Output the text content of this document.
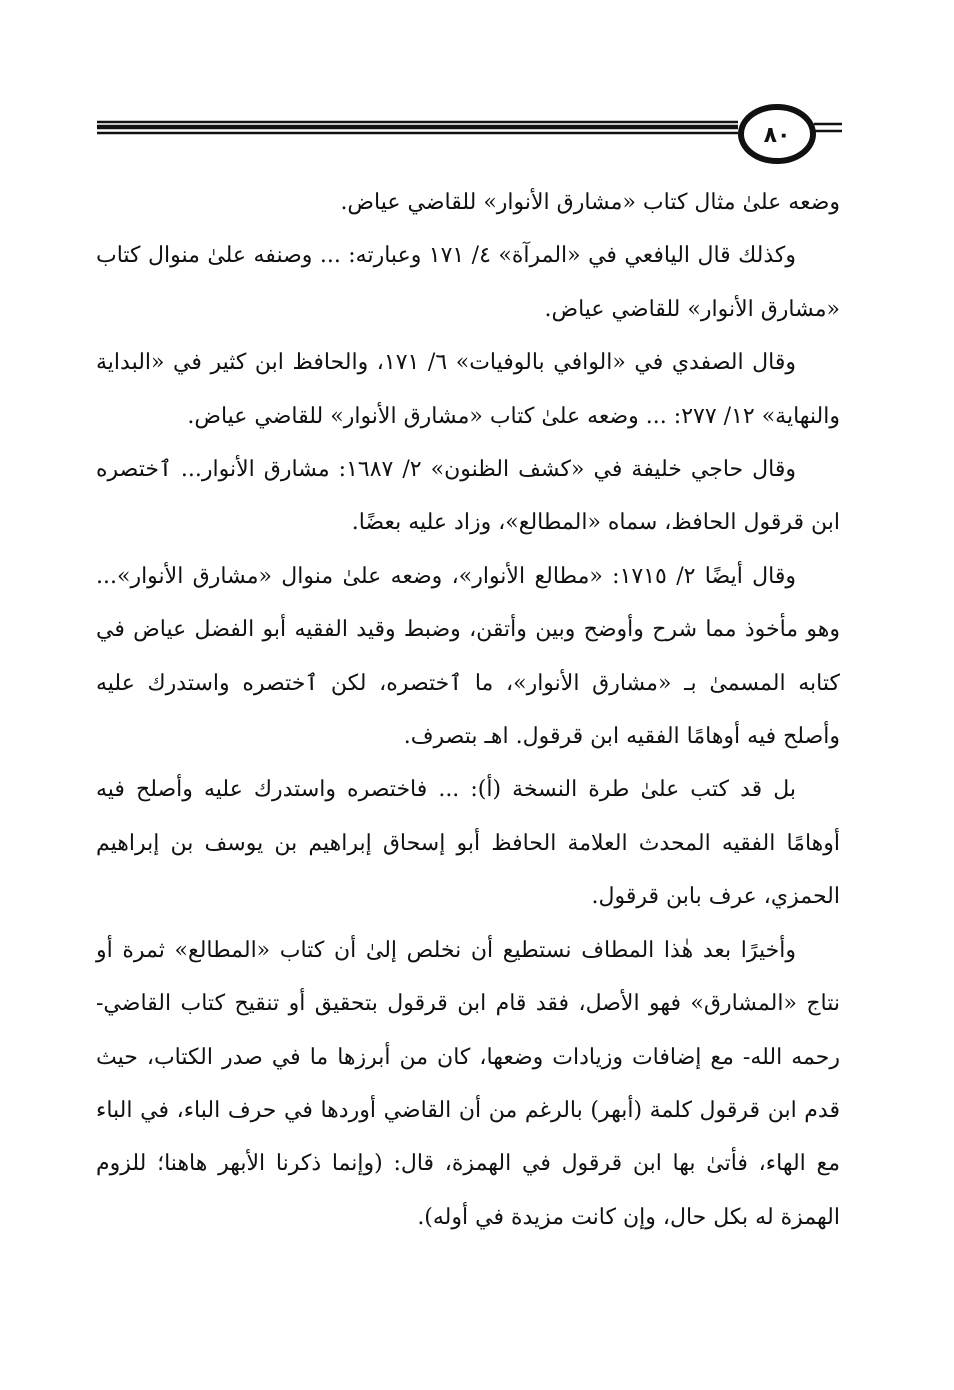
٨٠

وضعه علىٰ مثال كتاب «مشارق الأنوار» للقاضي عياض.

وكذلك قال اليافعي في «المرآة» ٤/ ١٧١ وعبارته: ... وصنفه علىٰ منوال كتاب «مشارق الأنوار» للقاضي عياض.

وقال الصفدي في «الوافي بالوفيات» ٦/ ١٧١، والحافظ ابن كثير في «البداية والنهاية» ١٢/ ٢٧٧: ... وضعه علىٰ كتاب «مشارق الأنوار» للقاضي عياض.

وقال حاجي خليفة في «كشف الظنون» ٢/ ١٦٨٧: مشارق الأنوار... ٱختصره ابن قرقول الحافظ، سماه «المطالع»، وزاد عليه بعضًا.

وقال أيضًا ٢/ ١٧١٥: «مطالع الأنوار»، وضعه علىٰ منوال «مشارق الأنوار»... وهو مأخوذ مما شرح وأوضح وبين وأتقن، وضبط وقيد الفقيه أبو الفضل عياض في كتابه المسمىٰ بـ «مشارق الأنوار»، ما ٱختصره، لكن ٱختصره واستدرك عليه وأصلح فيه أوهامًا الفقيه ابن قرقول. اهـ بتصرف.

بل قد كتب علىٰ طرة النسخة (أ): ... فاختصره واستدرك عليه وأصلح فيه أوهامًا الفقيه المحدث العلامة الحافظ أبو إسحاق إبراهيم بن يوسف بن إبراهيم الحمزي، عرف بابن قرقول.

وأخيرًا بعد هٰذا المطاف نستطيع أن نخلص إلىٰ أن كتاب «المطالع» ثمرة أو نتاج «المشارق» فهو الأصل، فقد قام ابن قرقول بتحقيق أو تنقيح كتاب القاضي- رحمه الله- مع إضافات وزيادات وضعها، كان من أبرزها ما في صدر الكتاب، حيث قدم ابن قرقول كلمة (أبهر) بالرغم من أن القاضي أوردها في حرف الباء، في الباء مع الهاء، فأتىٰ بها ابن قرقول في الهمزة، قال: (وإنما ذكرنا الأبهر هاهنا؛ للزوم الهمزة له بكل حال، وإن كانت مزيدة في أوله).
